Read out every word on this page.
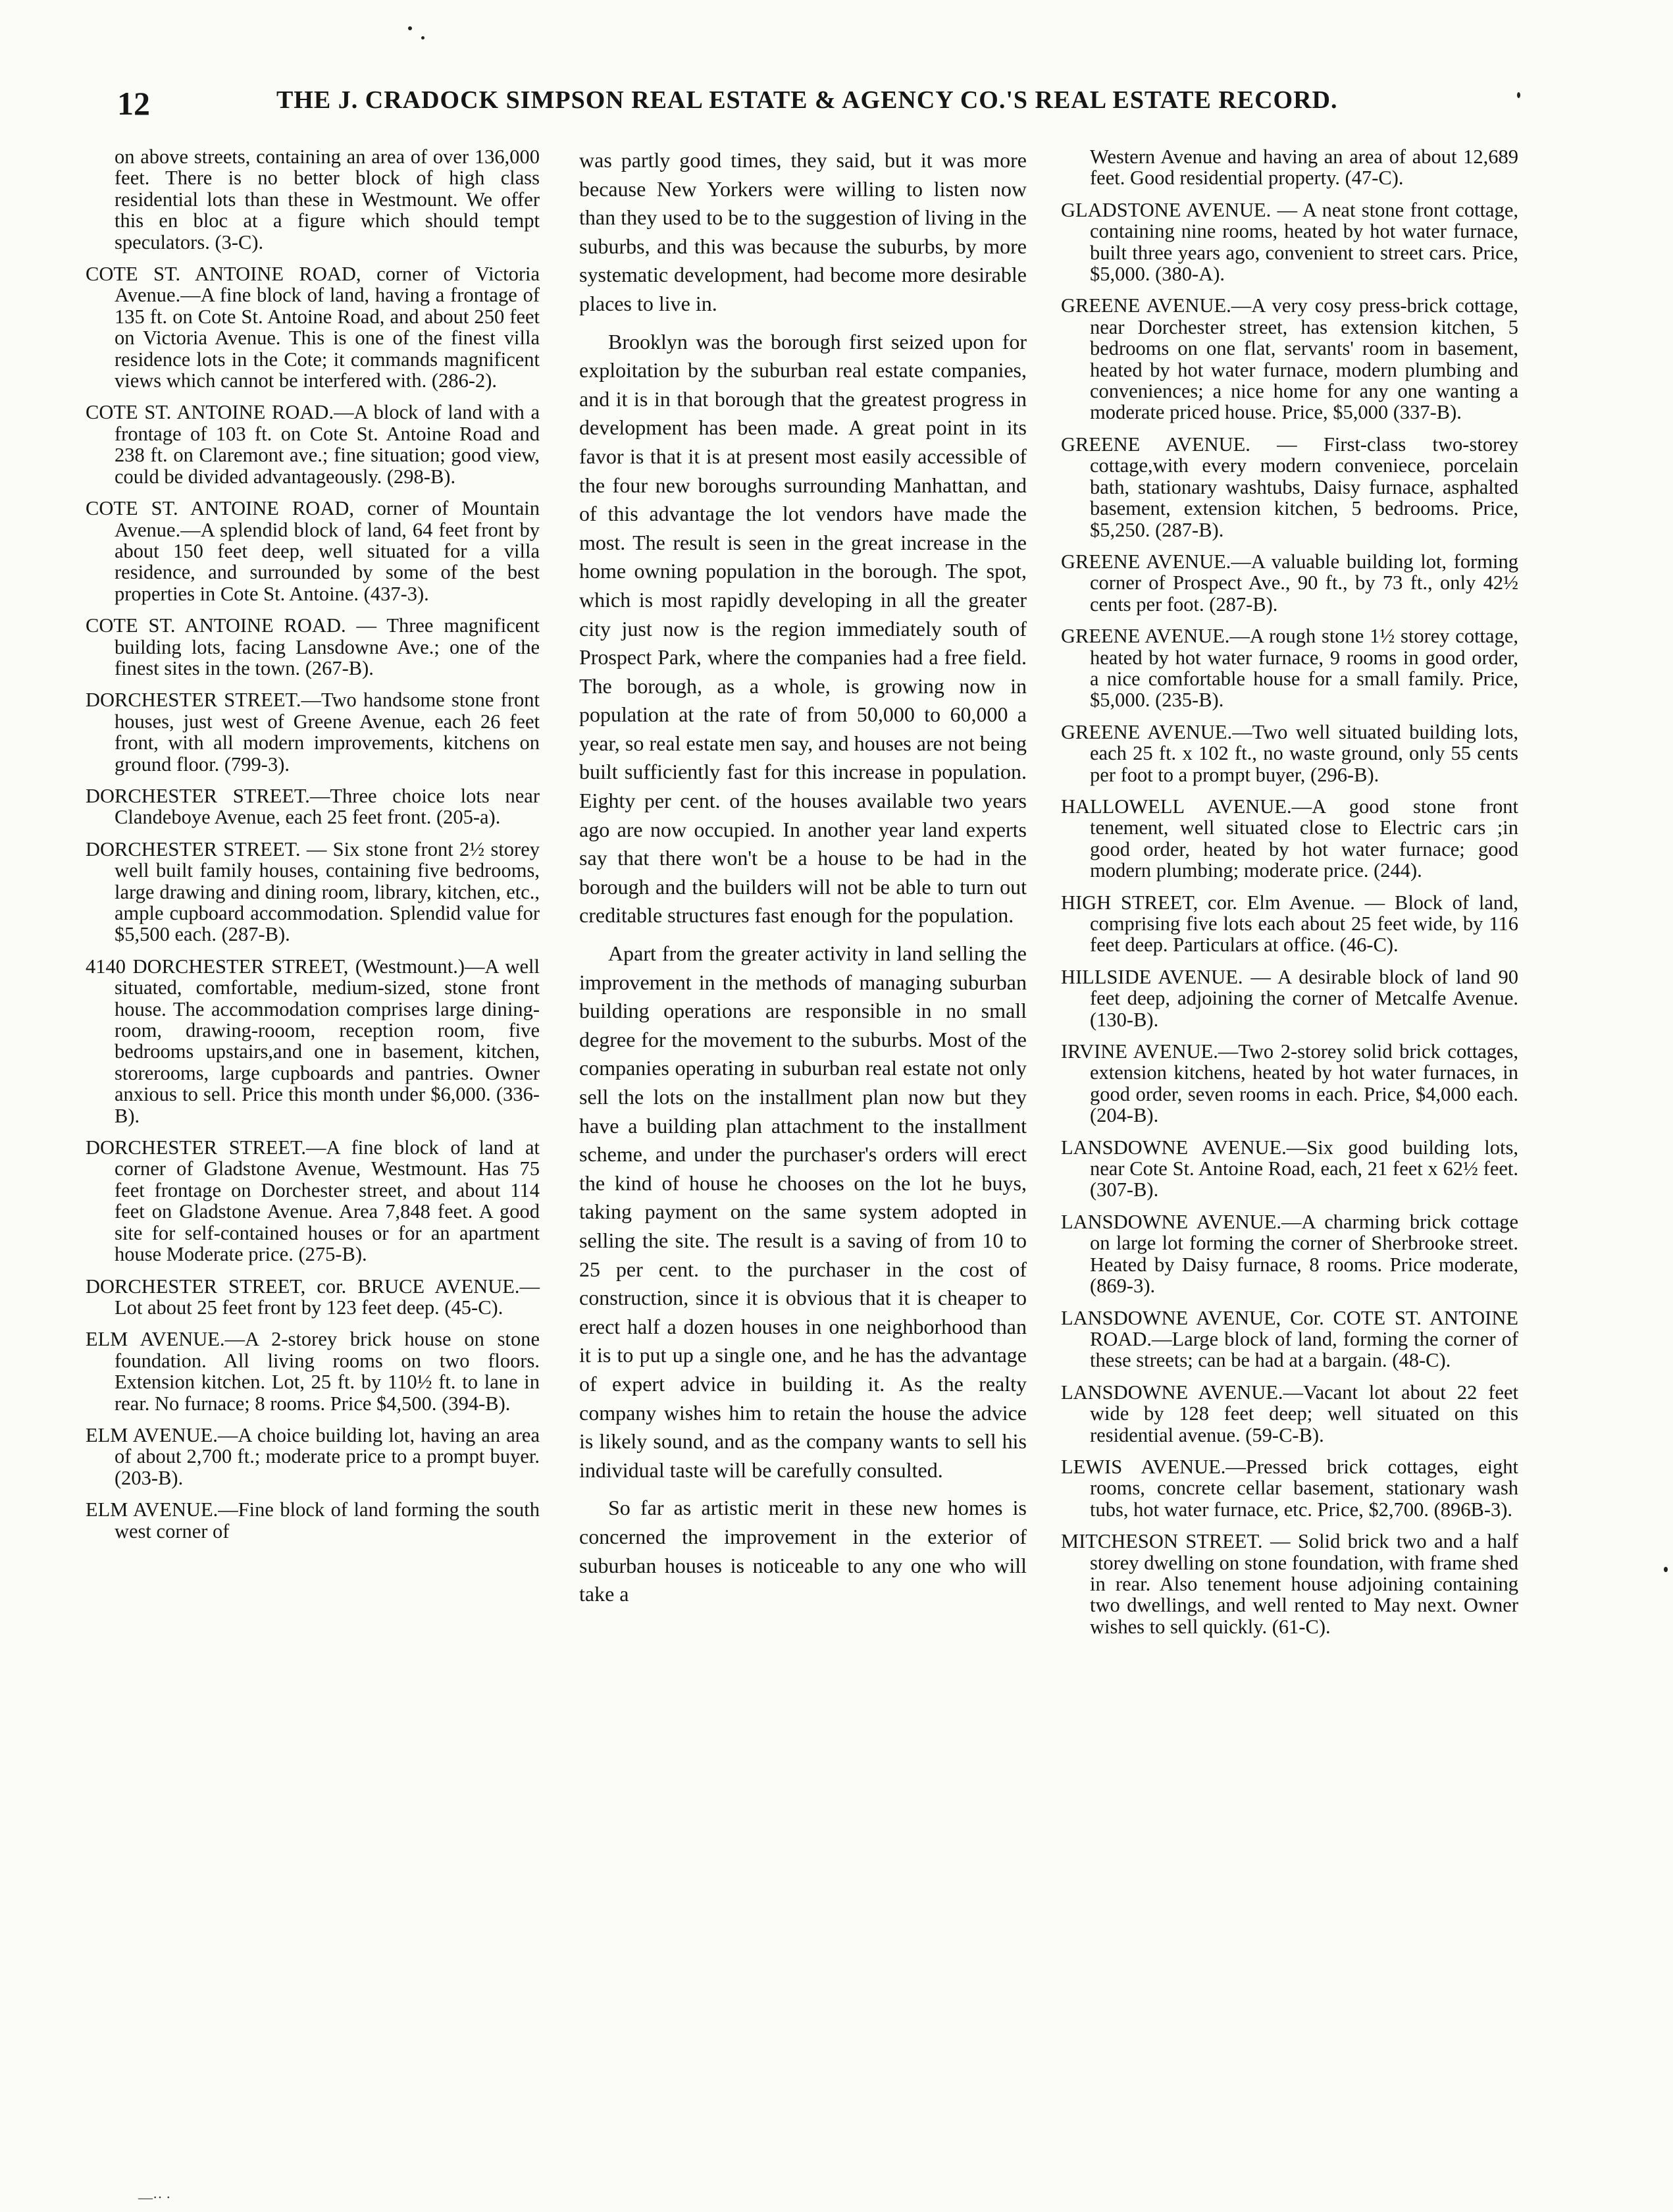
12	THE J. CRADOCK SIMPSON REAL ESTATE & AGENCY CO.'S REAL ESTATE RECORD.

on above streets, containing an area of over 136,000 feet. There is no better block of high class residential lots than these in Westmount. We offer this en bloc at a figure which should tempt speculators. (3-C).

COTE ST. ANTOINE ROAD, corner of Victoria Avenue.—A fine block of land, having a frontage of 135 ft. on Cote St. Antoine Road, and about 250 feet on Victoria Avenue. This is one of the finest villa residence lots in the Cote; it commands magnificent views which cannot be interfered with. (286-2).

COTE ST. ANTOINE ROAD.—A block of land with a frontage of 103 ft. on Cote St. Antoine Road and 238 ft. on Claremont ave.; fine situation; good view, could be divided advantageously. (298-B).

COTE ST. ANTOINE ROAD, corner of Mountain Avenue.—A splendid block of land, 64 feet front by about 150 feet deep, well situated for a villa residence, and surrounded by some of the best properties in Cote St. Antoine. (437-3).

COTE ST. ANTOINE ROAD. — Three magnificent building lots, facing Lansdowne Ave.; one of the finest sites in the town. (267-B).

DORCHESTER STREET.—Two handsome stone front houses, just west of Greene Avenue, each 26 feet front, with all modern improvements, kitchens on ground floor. (799-3).

DORCHESTER STREET.—Three choice lots near Clandeboye Avenue, each 25 feet front. (205-a).

DORCHESTER STREET. — Six stone front 2½ storey well built family houses, containing five bedrooms, large drawing and dining room, library, kitchen, etc., ample cupboard accommodation. Splendid value for $5,500 each. (287-B).

4140 DORCHESTER STREET, (Westmount.)—A well situated, comfortable, medium-sized, stone front house. The accommodation comprises large dining-room, drawing-rooom, reception room, five bedrooms upstairs,and one in basement, kitchen, storerooms, large cupboards and pantries. Owner anxious to sell. Price this month under $6,000. (336-B).

DORCHESTER STREET.—A fine block of land at corner of Gladstone Avenue, Westmount. Has 75 feet frontage on Dorchester street, and about 114 feet on Gladstone Avenue. Area 7,848 feet. A good site for self-contained houses or for an apartment house Moderate price. (275-B).

DORCHESTER STREET, cor. BRUCE AVENUE.—Lot about 25 feet front by 123 feet deep. (45-C).

ELM AVENUE.—A 2-storey brick house on stone foundation. All living rooms on two floors. Extension kitchen. Lot, 25 ft. by 110½ ft. to lane in rear. No furnace; 8 rooms. Price $4,500. (394-B).

ELM AVENUE.—A choice building lot, having an area of about 2,700 ft.; moderate price to a prompt buyer. (203-B).

ELM AVENUE.—Fine block of land forming the south west corner of

was partly good times, they said, but it was more because New Yorkers were willing to listen now than they used to be to the suggestion of living in the suburbs, and this was because the suburbs, by more systematic development, had become more desirable places to live in.

Brooklyn was the borough first seized upon for exploitation by the suburban real estate companies, and it is in that borough that the greatest progress in development has been made. A great point in its favor is that it is at present most easily accessible of the four new boroughs surrounding Manhattan, and of this advantage the lot vendors have made the most. The result is seen in the great increase in the home owning population in the borough. The spot, which is most rapidly developing in all the greater city just now is the region immediately south of Prospect Park, where the companies had a free field. The borough, as a whole, is growing now in population at the rate of from 50,000 to 60,000 a year, so real estate men say, and houses are not being built sufficiently fast for this increase in population. Eighty per cent. of the houses available two years ago are now occupied. In another year land experts say that there won't be a house to be had in the borough and the builders will not be able to turn out creditable structures fast enough for the population.

Apart from the greater activity in land selling the improvement in the methods of managing suburban building operations are responsible in no small degree for the movement to the suburbs. Most of the companies operating in suburban real estate not only sell the lots on the installment plan now but they have a building plan attachment to the installment scheme, and under the purchaser's orders will erect the kind of house he chooses on the lot he buys, taking payment on the same system adopted in selling the site. The result is a saving of from 10 to 25 per cent. to the purchaser in the cost of construction, since it is obvious that it is cheaper to erect half a dozen houses in one neighborhood than it is to put up a single one, and he has the advantage of expert advice in building it. As the realty company wishes him to retain the house the advice is likely sound, and as the company wants to sell his individual taste will be carefully consulted.

So far as artistic merit in these new homes is concerned the improvement in the exterior of suburban houses is noticeable to any one who will take a

Western Avenue and having an area of about 12,689 feet. Good residential property. (47-C).

GLADSTONE AVENUE. — A neat stone front cottage, containing nine rooms, heated by hot water furnace, built three years ago, convenient to street cars. Price, $5,000. (380-A).

GREENE AVENUE.—A very cosy press-brick cottage, near Dorchester street, has extension kitchen, 5 bedrooms on one flat, servants' room in basement, heated by hot water furnace, modern plumbing and conveniences; a nice home for any one wanting a moderate priced house. Price, $5,000 (337-B).

GREENE AVENUE. — First-class two-storey cottage,with every modern conveniece, porcelain bath, stationary washtubs, Daisy furnace, asphalted basement, extension kitchen, 5 bedrooms. Price, $5,250. (287-B).

GREENE AVENUE.—A valuable building lot, forming corner of Prospect Ave., 90 ft., by 73 ft., only 42½ cents per foot. (287-B).

GREENE AVENUE.—A rough stone 1½ storey cottage, heated by hot water furnace, 9 rooms in good order, a nice comfortable house for a small family. Price, $5,000. (235-B).

GREENE AVENUE.—Two well situated building lots, each 25 ft. x 102 ft., no waste ground, only 55 cents per foot to a prompt buyer, (296-B).

HALLOWELL AVENUE.—A good stone front tenement, well situated close to Electric cars ;in good order, heated by hot water furnace; good modern plumbing; moderate price. (244).

HIGH STREET, cor. Elm Avenue. — Block of land, comprising five lots each about 25 feet wide, by 116 feet deep. Particulars at office. (46-C).

HILLSIDE AVENUE. — A desirable block of land 90 feet deep, adjoining the corner of Metcalfe Avenue. (130-B).

IRVINE AVENUE.—Two 2-storey solid brick cottages, extension kitchens, heated by hot water furnaces, in good order, seven rooms in each. Price, $4,000 each. (204-B).

LANSDOWNE AVENUE.—Six good building lots, near Cote St. Antoine Road, each, 21 feet x 62½ feet. (307-B).

LANSDOWNE AVENUE.—A charming brick cottage on large lot forming the corner of Sherbrooke street. Heated by Daisy furnace, 8 rooms. Price moderate, (869-3).

LANSDOWNE AVENUE, Cor. COTE ST. ANTOINE ROAD.—Large block of land, forming the corner of these streets; can be had at a bargain. (48-C).

LANSDOWNE AVENUE.—Vacant lot about 22 feet wide by 128 feet deep; well situated on this residential avenue. (59-C-B).

LEWIS AVENUE.—Pressed brick cottages, eight rooms, concrete cellar basement, stationary wash tubs, hot water furnace, etc. Price, $2,700. (896B-3).

MITCHESON STREET. — Solid brick two and a half storey dwelling on stone foundation, with frame shed in rear. Also tenement house adjoining containing two dwellings, and well rented to May next. Owner wishes to sell quickly. (61-C).

—·· ·
